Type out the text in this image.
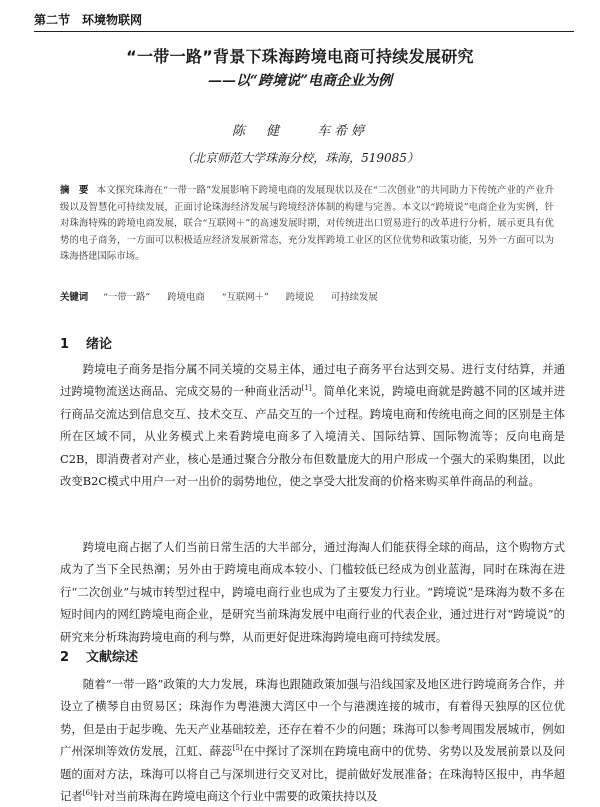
第二节　环境物联网
“一带一路”背景下珠海跨境电商可持续发展研究
——以“跨境说”电商企业为例
陈　健　　车希婷
（北京师范大学珠海分校，珠海，519085）
摘　要 本文探究珠海在“一带一路”发展影响下跨境电商的发展现状以及在“二次创业”的共同助力下传统产业的产业升级以及智慧化可持续发展，正面讨论珠海经济发展与跨境经济体制的构建与完善。本文以“跨境说”电商企业为实例，针对珠海特殊的跨境电商发展，联合“互联网＋”的高速发展时期，对传统进出口贸易进行的改革进行分析，展示更具有优势的电子商务，一方面可以积极适应经济发展新常态，充分发挥跨境工业区的区位优势和政策功能，另外一方面可以为珠海搭建国际市场。
关键词 “一带一路” 跨境电商 “互联网＋” 跨境说 可持续发展
1 绪论
跨境电子商务是指分属不同关境的交易主体，通过电子商务平台达到交易、进行支付结算，并通过跨境物流送达商品、完成交易的一种商业活动[1]。简单化来说，跨境电商就是跨越不同的区域并进行商品交流达到信息交互、技术交互、产品交互的一个过程。跨境电商和传统电商之间的区别是主体所在区域不同，从业务模式上来看跨境电商多了入境清关、国际结算、国际物流等；反向电商是C2B，即消费者对产业，核心是通过聚合分散分布但数量庞大的用户形成一个强大的采购集团，以此改变B2C模式中用户一对一出价的弱势地位，使之享受大批发商的价格来购买单件商品的利益。
跨境电商占据了人们当前日常生活的大半部分，通过海淘人们能获得全球的商品，这个购物方式成为了当下全民热潮；另外由于跨境电商成本较小、门槛较低已经成为创业蓝海，同时在珠海在进行“二次创业”与城市转型过程中，跨境电商行业也成为了主要发力行业。“跨境说”是珠海为数不多在短时间内的网红跨境电商企业，是研究当前珠海发展中电商行业的代表企业，通过进行对“跨境说”的研究来分析珠海跨境电商的利与弊，从而更好促进珠海跨境电商可持续发展。
2 文献综述
随着“一带一路”政策的大力发展，珠海也跟随政策加强与沿线国家及地区进行跨境商务合作，并设立了横琴自由贸易区；珠海作为粤港澳大湾区中一个与港澳连接的城市，有着得天独厚的区位优势，但是由于起步晚、先天产业基础较差，还存在着不少的问题；珠海可以参考周围发展城市，例如广州深圳等效仿发展，江虹、薛蕊[5]在中探讨了深圳在跨境电商中的优势、劣势以及发展前景以及问题的面对方法，珠海可以将自己与深圳进行交叉对比，提前做好发展准备；在珠海特区报中，冉华超记者[6]针对当前珠海在跨境电商这个行业中需要的政策扶持以及
